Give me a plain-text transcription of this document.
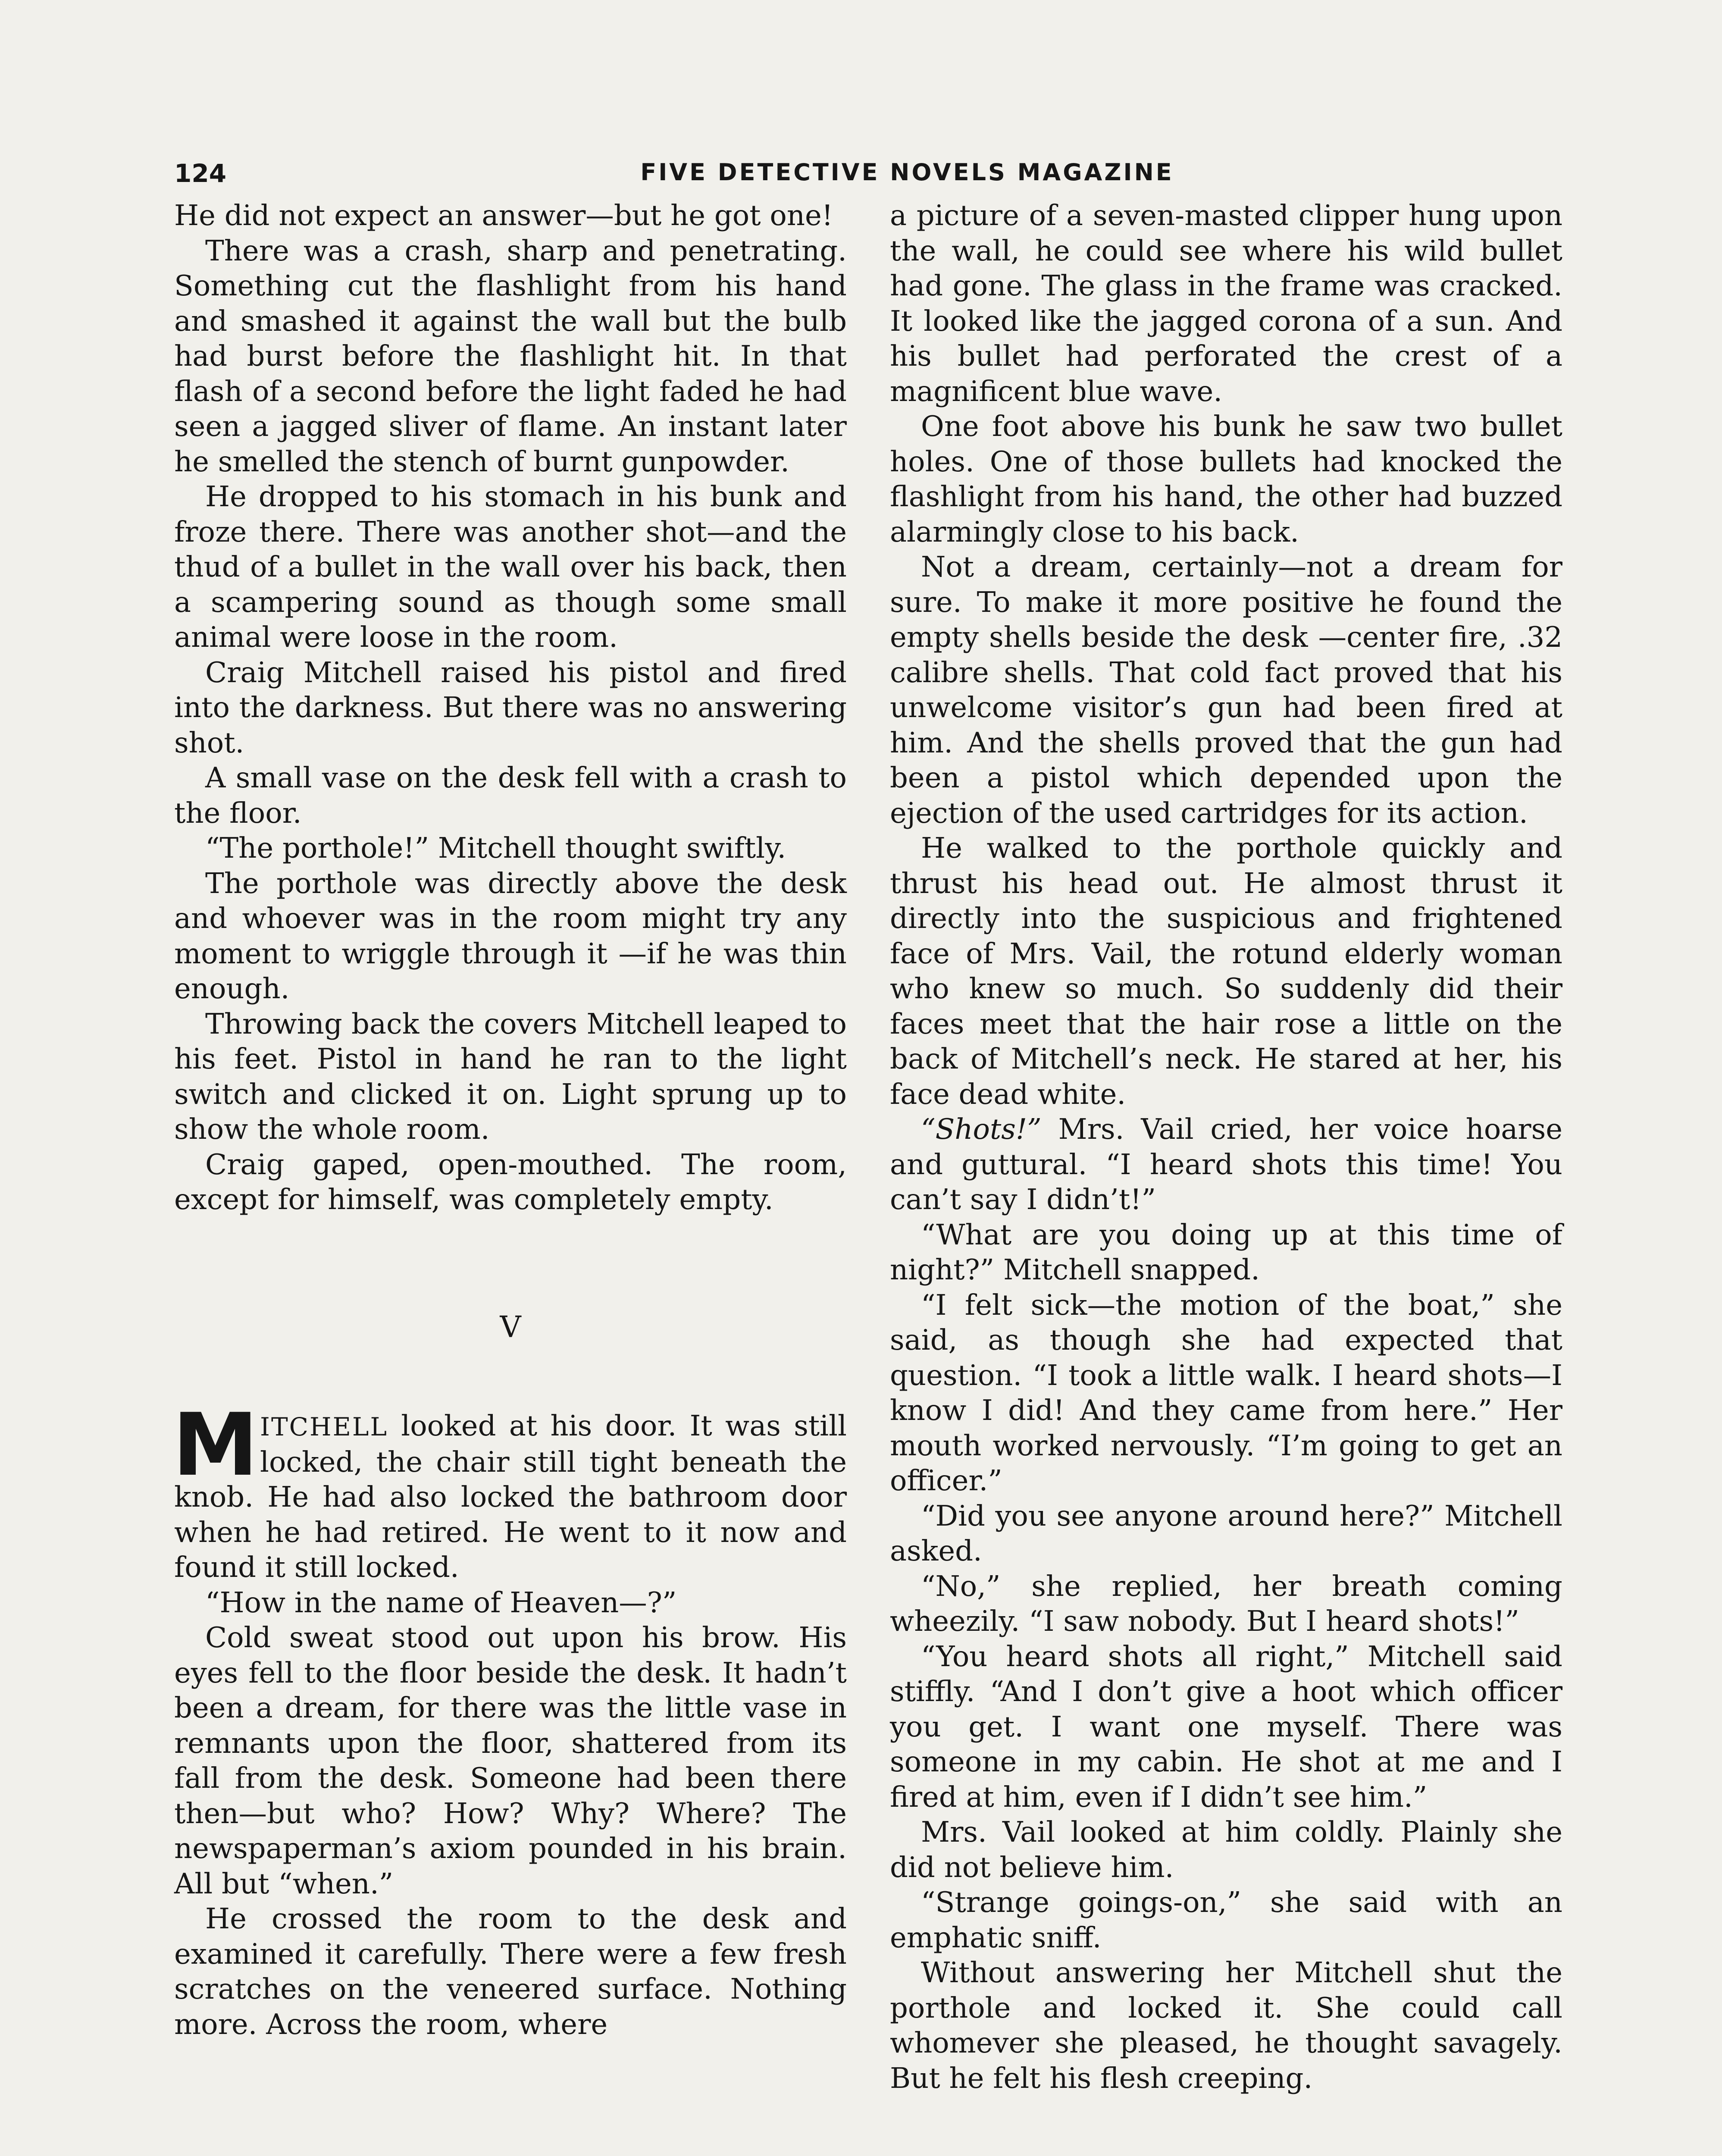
124	FIVE DETECTIVE NOVELS MAGAZINE

He did not expect an answer—but he got one!

There was a crash, sharp and penetrating. Something cut the flashlight from his hand and smashed it against the wall but the bulb had burst before the flashlight hit. In that flash of a second before the light faded he had seen a jagged sliver of flame. An instant later he smelled the stench of burnt gunpowder.

He dropped to his stomach in his bunk and froze there. There was another shot—and the thud of a bullet in the wall over his back, then a scampering sound as though some small animal were loose in the room.

Craig Mitchell raised his pistol and fired into the darkness. But there was no answering shot.

A small vase on the desk fell with a crash to the floor.

“The porthole!” Mitchell thought swiftly.

The porthole was directly above the desk and whoever was in the room might try any moment to wriggle through it —if he was thin enough.

Throwing back the covers Mitchell leaped to his feet. Pistol in hand he ran to the light switch and clicked it on. Light sprung up to show the whole room.

Craig gaped, open-mouthed. The room, except for himself, was completely empty.

V

MITCHELL looked at his door. It was still locked, the chair still tight beneath the knob. He had also locked the bathroom door when he had retired. He went to it now and found it still locked.

“How in the name of Heaven—?”

Cold sweat stood out upon his brow. His eyes fell to the floor beside the desk. It hadn’t been a dream, for there was the little vase in remnants upon the floor, shattered from its fall from the desk. Someone had been there then—but who? How? Why? Where? The newspaperman’s axiom pounded in his brain. All but “when.”

He crossed the room to the desk and examined it carefully. There were a few fresh scratches on the veneered surface. Nothing more. Across the room, where

a picture of a seven-masted clipper hung upon the wall, he could see where his wild bullet had gone. The glass in the frame was cracked. It looked like the jagged corona of a sun. And his bullet had perforated the crest of a magnificent blue wave.

One foot above his bunk he saw two bullet holes. One of those bullets had knocked the flashlight from his hand, the other had buzzed alarmingly close to his back.

Not a dream, certainly—not a dream for sure. To make it more positive he found the empty shells beside the desk —center fire, .32 calibre shells. That cold fact proved that his unwelcome visitor’s gun had been fired at him. And the shells proved that the gun had been a pistol which depended upon the ejection of the used cartridges for its action.

He walked to the porthole quickly and thrust his head out. He almost thrust it directly into the suspicious and frightened face of Mrs. Vail, the rotund elderly woman who knew so much. So suddenly did their faces meet that the hair rose a little on the back of Mitchell’s neck. He stared at her, his face dead white.

“Shots!” Mrs. Vail cried, her voice hoarse and guttural. “I heard shots this time! You can’t say I didn’t!”

“What are you doing up at this time of night?” Mitchell snapped.

“I felt sick—the motion of the boat,” she said, as though she had expected that question. “I took a little walk. I heard shots—I know I did! And they came from here.” Her mouth worked nervously. “I’m going to get an officer.”

“Did you see anyone around here?” Mitchell asked.

“No,” she replied, her breath coming wheezily. “I saw nobody. But I heard shots!”

“You heard shots all right,” Mitchell said stiffly. “And I don’t give a hoot which officer you get. I want one myself. There was someone in my cabin. He shot at me and I fired at him, even if I didn’t see him.”

Mrs. Vail looked at him coldly. Plainly she did not believe him.

“Strange goings-on,” she said with an emphatic sniff.

Without answering her Mitchell shut the porthole and locked it. She could call whomever she pleased, he thought savagely. But he felt his flesh creeping.
